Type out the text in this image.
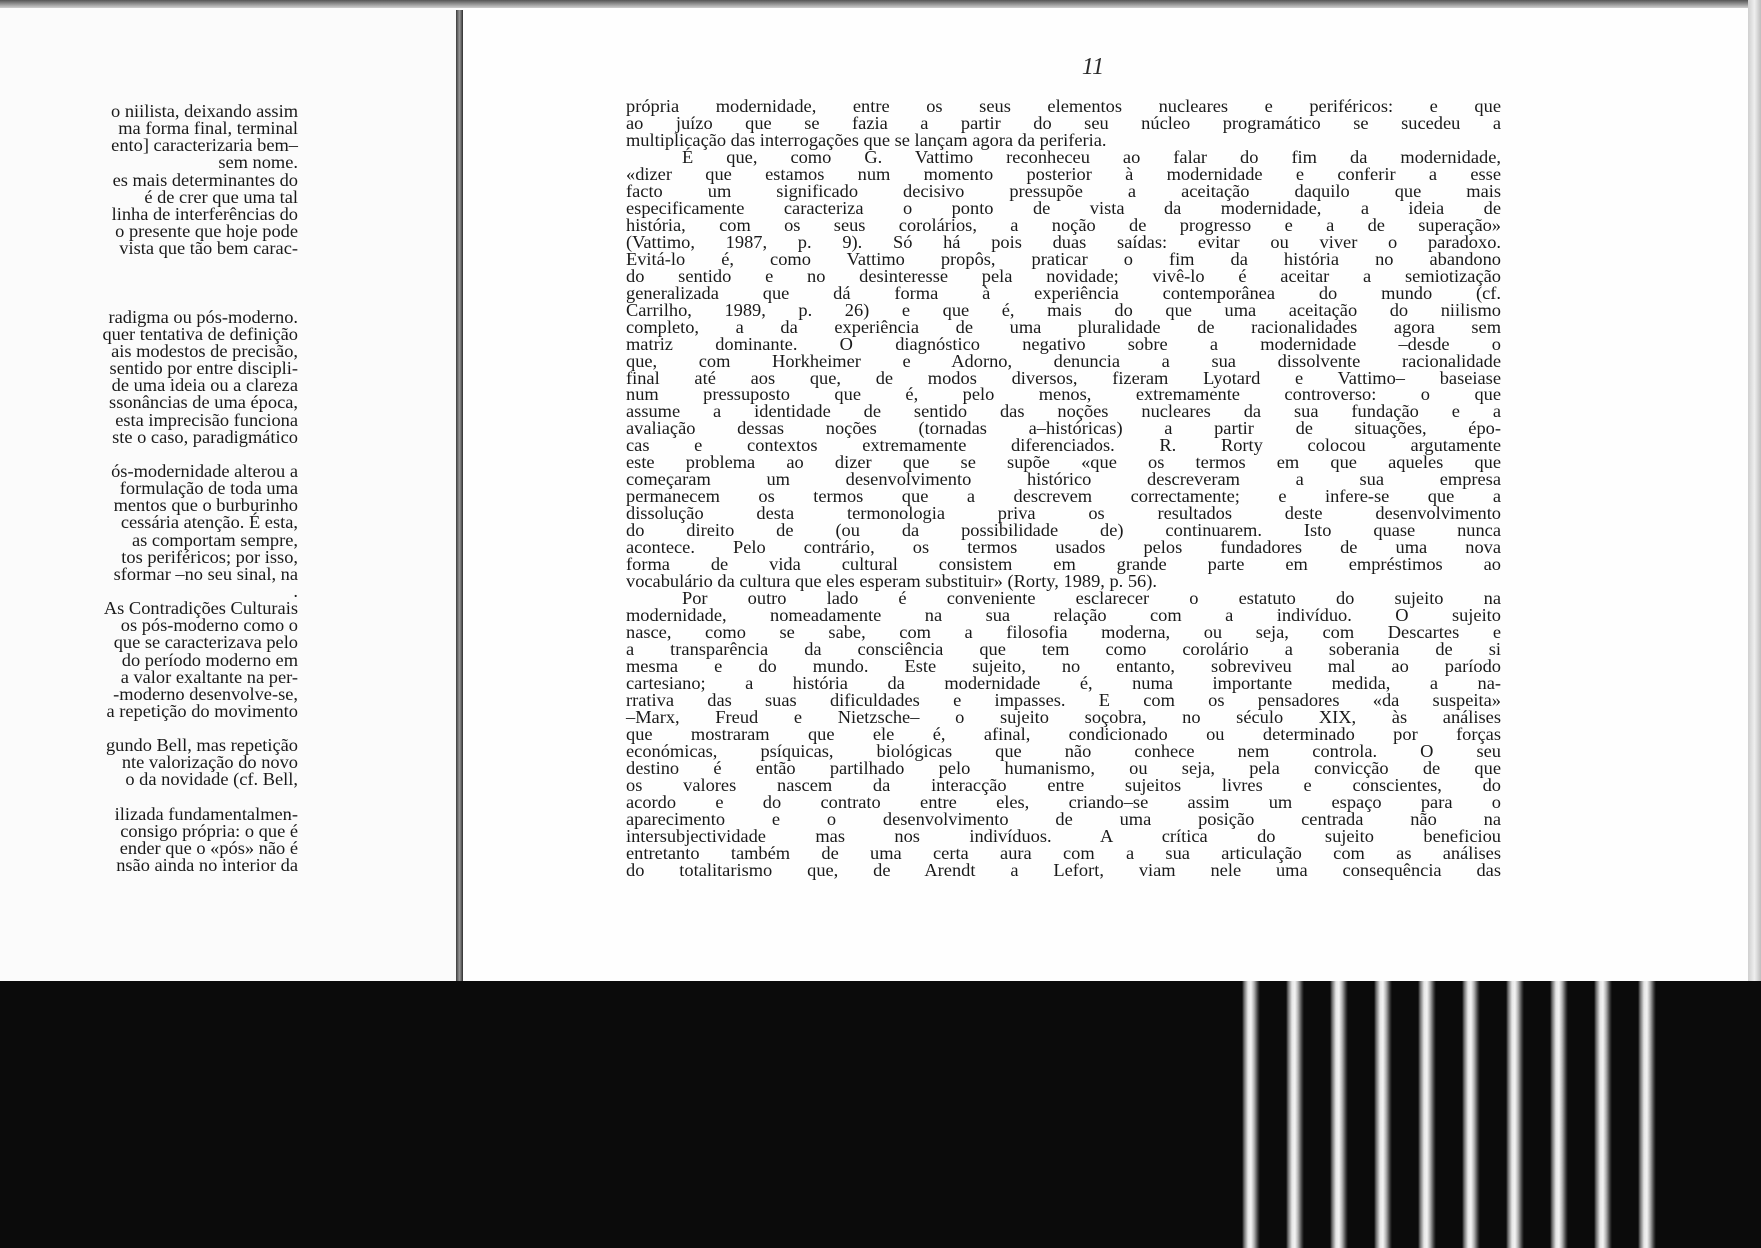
o niilista, deixando assim
ma forma final, terminal
ento] caracterizaria bem–
sem nome.
es mais determinantes do
é de crer que uma tal
linha de interferências do
o presente que hoje pode
vista que tão bem carac-
radigma ou pós-moderno.
quer tentativa de definição
ais modestos de precisão,
sentido por entre discipli-
de uma ideia ou a clareza
ssonâncias de uma época,
esta imprecisão funciona
ste o caso, paradigmático
ós-modernidade alterou a
formulação de toda uma
mentos que o burburinho
cessária atenção. É esta,
as comportam sempre,
tos periféricos; por isso,
sformar –no seu sinal, na
.
As Contradições Culturais
os pós-moderno como o
que se caracterizava pelo
do período moderno em
a valor exaltante na per-
-moderno desenvolve-se,
a repetição do movimento
gundo Bell, mas repetição
nte valorização do novo
o da novidade (cf. Bell,
ilizada fundamentalmen-
consigo própria: o que é
ender que o «pós» não é
nsão ainda no interior da
11
própria modernidade, entre os seus elementos nucleares e periféricos: e que
ao juízo que se fazia a partir do seu núcleo programático se sucedeu a
multiplicação das interrogações que se lançam agora da periferia.
É que, como G. Vattimo reconheceu ao falar do fim da modernidade,
«dizer que estamos num momento posterior à modernidade e conferir a esse
facto um significado decisivo pressupõe a aceitação daquilo que mais
especificamente caracteriza o ponto de vista da modernidade, a ideia de
história, com os seus corolários, a noção de progresso e a de superação»
(Vattimo, 1987, p. 9). Só há pois duas saídas: evitar ou viver o paradoxo.
Evitá-lo é, como Vattimo propôs, praticar o fim da história no abandono
do sentido e no desinteresse pela novidade; vivê-lo é aceitar a semiotização
generalizada que dá forma à experiência contemporânea do mundo (cf.
Carrilho, 1989, p. 26) e que é, mais do que uma aceitação do niilismo
completo, a da experiência de uma pluralidade de racionalidades agora sem
matriz dominante. O diagnóstico negativo sobre a modernidade –desde o
que, com Horkheimer e Adorno, denuncia a sua dissolvente racionalidade
final até aos que, de modos diversos, fizeram Lyotard e Vattimo– baseiase
num pressuposto que é, pelo menos, extremamente controverso: o que
assume a identidade de sentido das noções nucleares da sua fundação e a
avaliação dessas noções (tornadas a–históricas) a partir de situações, épo-
cas e contextos extremamente diferenciados. R. Rorty colocou argutamente
este problema ao dizer que se supõe «que os termos em que aqueles que
começaram um desenvolvimento histórico descreveram a sua empresa
permanecem os termos que a descrevem correctamente; e infere-se que a
dissolução desta termonologia priva os resultados deste desenvolvimento
do direito de (ou da possibilidade de) continuarem. Isto quase nunca
acontece. Pelo contrário, os termos usados pelos fundadores de uma nova
forma de vida cultural consistem em grande parte em empréstimos ao
vocabulário da cultura que eles esperam substituir» (Rorty, 1989, p. 56).
Por outro lado é conveniente esclarecer o estatuto do sujeito na
modernidade, nomeadamente na sua relação com a indivíduo. O sujeito
nasce, como se sabe, com a filosofia moderna, ou seja, com Descartes e
a transparência da consciência que tem como corolário a soberania de si
mesma e do mundo. Este sujeito, no entanto, sobreviveu mal ao paríodo
cartesiano; a história da modernidade é, numa importante medida, a na-
rrativa das suas dificuldades e impasses. E com os pensadores «da suspeita»
–Marx, Freud e Nietzsche– o sujeito soçobra, no século XIX, às análises
que mostraram que ele é, afinal, condicionado ou determinado por forças
económicas, psíquicas, biológicas que não conhece nem controla. O seu
destino é então partilhado pelo humanismo, ou seja, pela convicção de que
os valores nascem da interacção entre sujeitos livres e conscientes, do
acordo e do contrato entre eles, criando–se assim um espaço para o
aparecimento e o desenvolvimento de uma posição centrada não na
intersubjectividade mas nos indivíduos. A crítica do sujeito beneficiou
entretanto também de uma certa aura com a sua articulação com as análises
do totalitarismo que, de Arendt a Lefort, viam nele uma consequência das
